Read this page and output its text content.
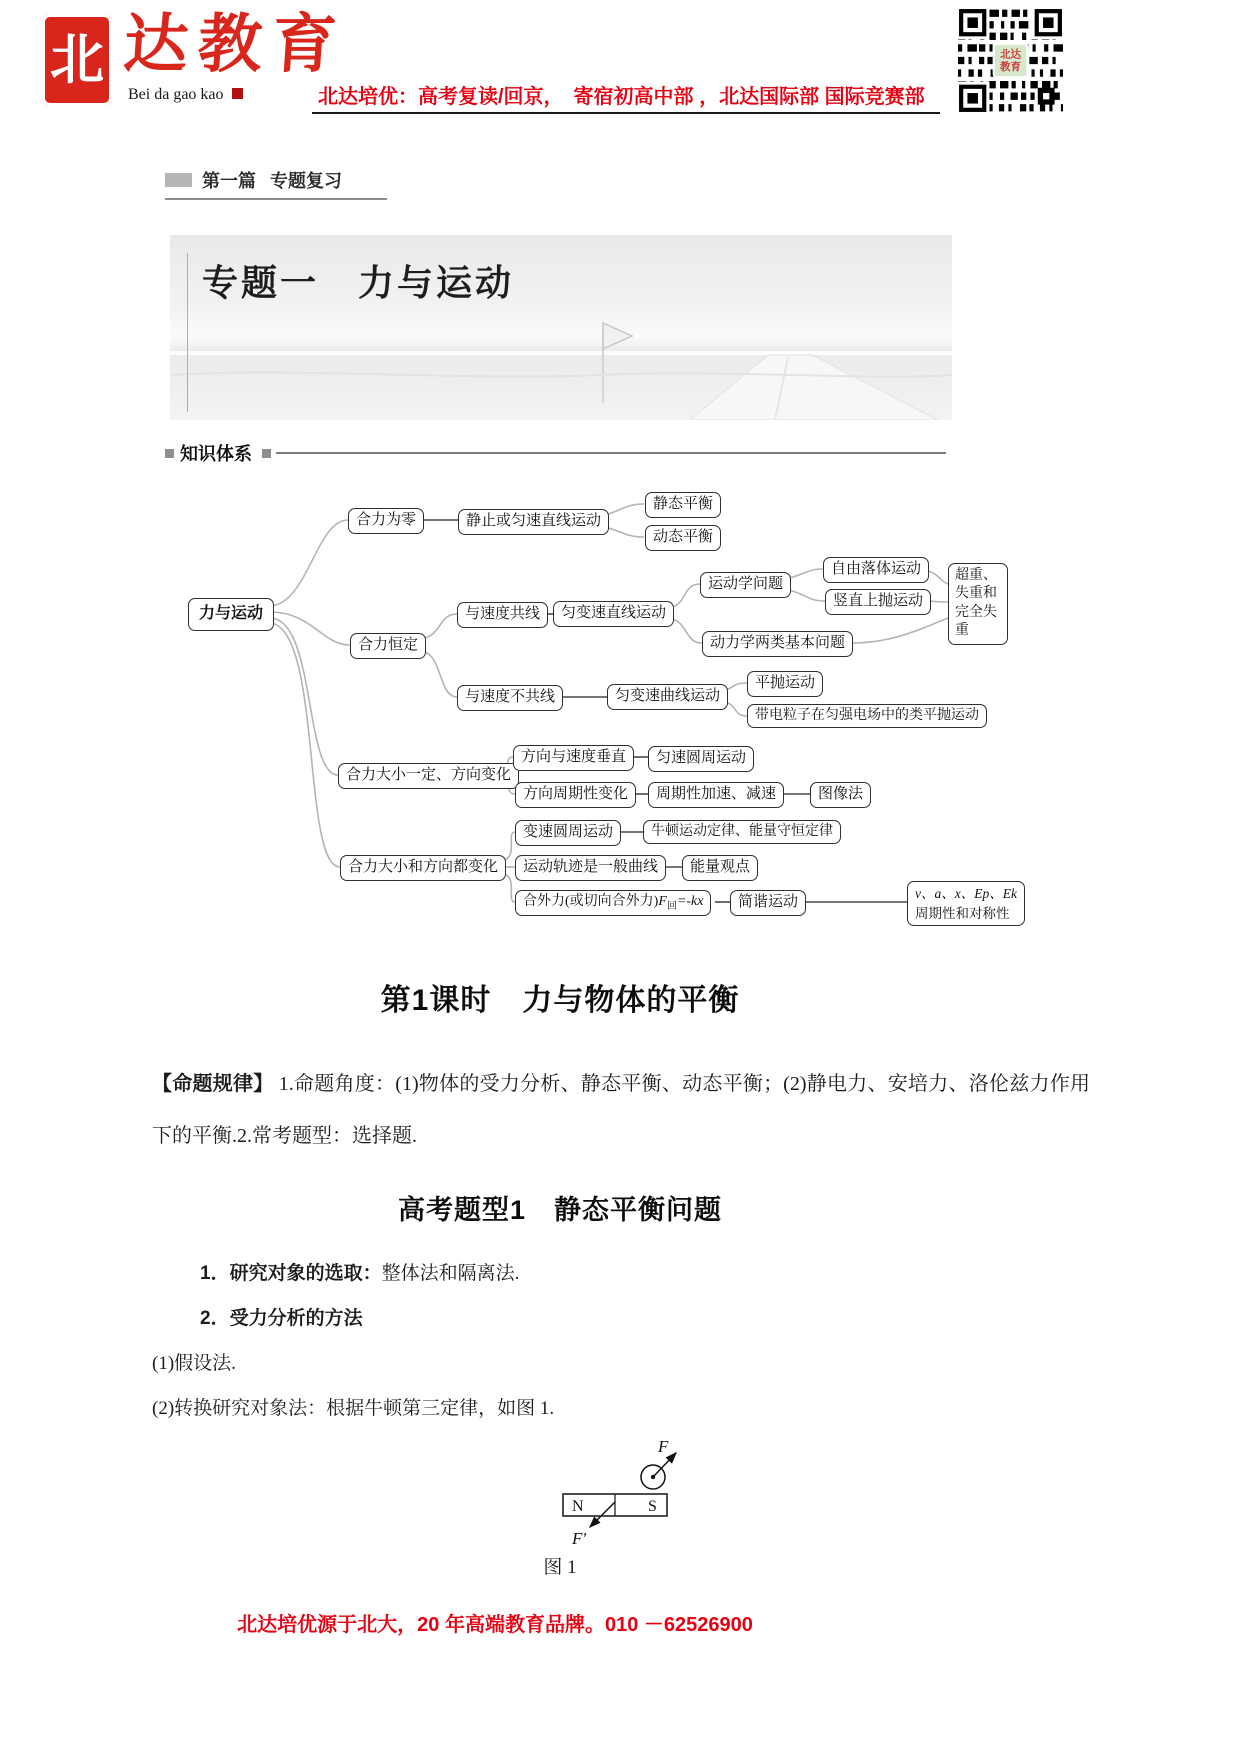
北 达教育
Bei da gao kao	北达培优：高考复读/回京，　寄宿初高中部 ，北达国际部 国际竞赛部
北达
教育
第一篇 专题复习
专题一　力与运动
知识体系
力与运动
合力为零	静止或匀速直线运动
静态平衡
动态平衡
合力恒定
与速度共线	匀变速直线运动
运动学问题
自由落体运动
竖直上抛运动
动力学两类基本问题
超重、失重和完全失重
与速度不共线	匀变速曲线运动
平抛运动
带电粒子在匀强电场中的类平抛运动
合力大小一定、方向变化
方向与速度垂直	匀速圆周运动
方向周期性变化	周期性加速、减速	图像法
合力大小和方向都变化
变速圆周运动	牛顿运动定律、能量守恒定律
运动轨迹是一般曲线	能量观点
合外力(或切向合外力)$F_回=-kx$	简谐运动
v、a、x、Ep、Ek
周期性和对称性
第1课时　力与物体的平衡
【命题规律】 1.命题角度：(1)物体的受力分析、静态平衡、动态平衡；(2)静电力、安培力、洛伦兹力作用下的平衡.2.常考题型：选择题.
高考题型1　静态平衡问题
1．研究对象的选取：整体法和隔离法.
2．受力分析的方法
(1)假设法.
(2)转换研究对象法：根据牛顿第三定律，如图 1.
N	S
F
F′
图 1
北达培优源于北大，20 年高端教育品牌。010 －62526900
